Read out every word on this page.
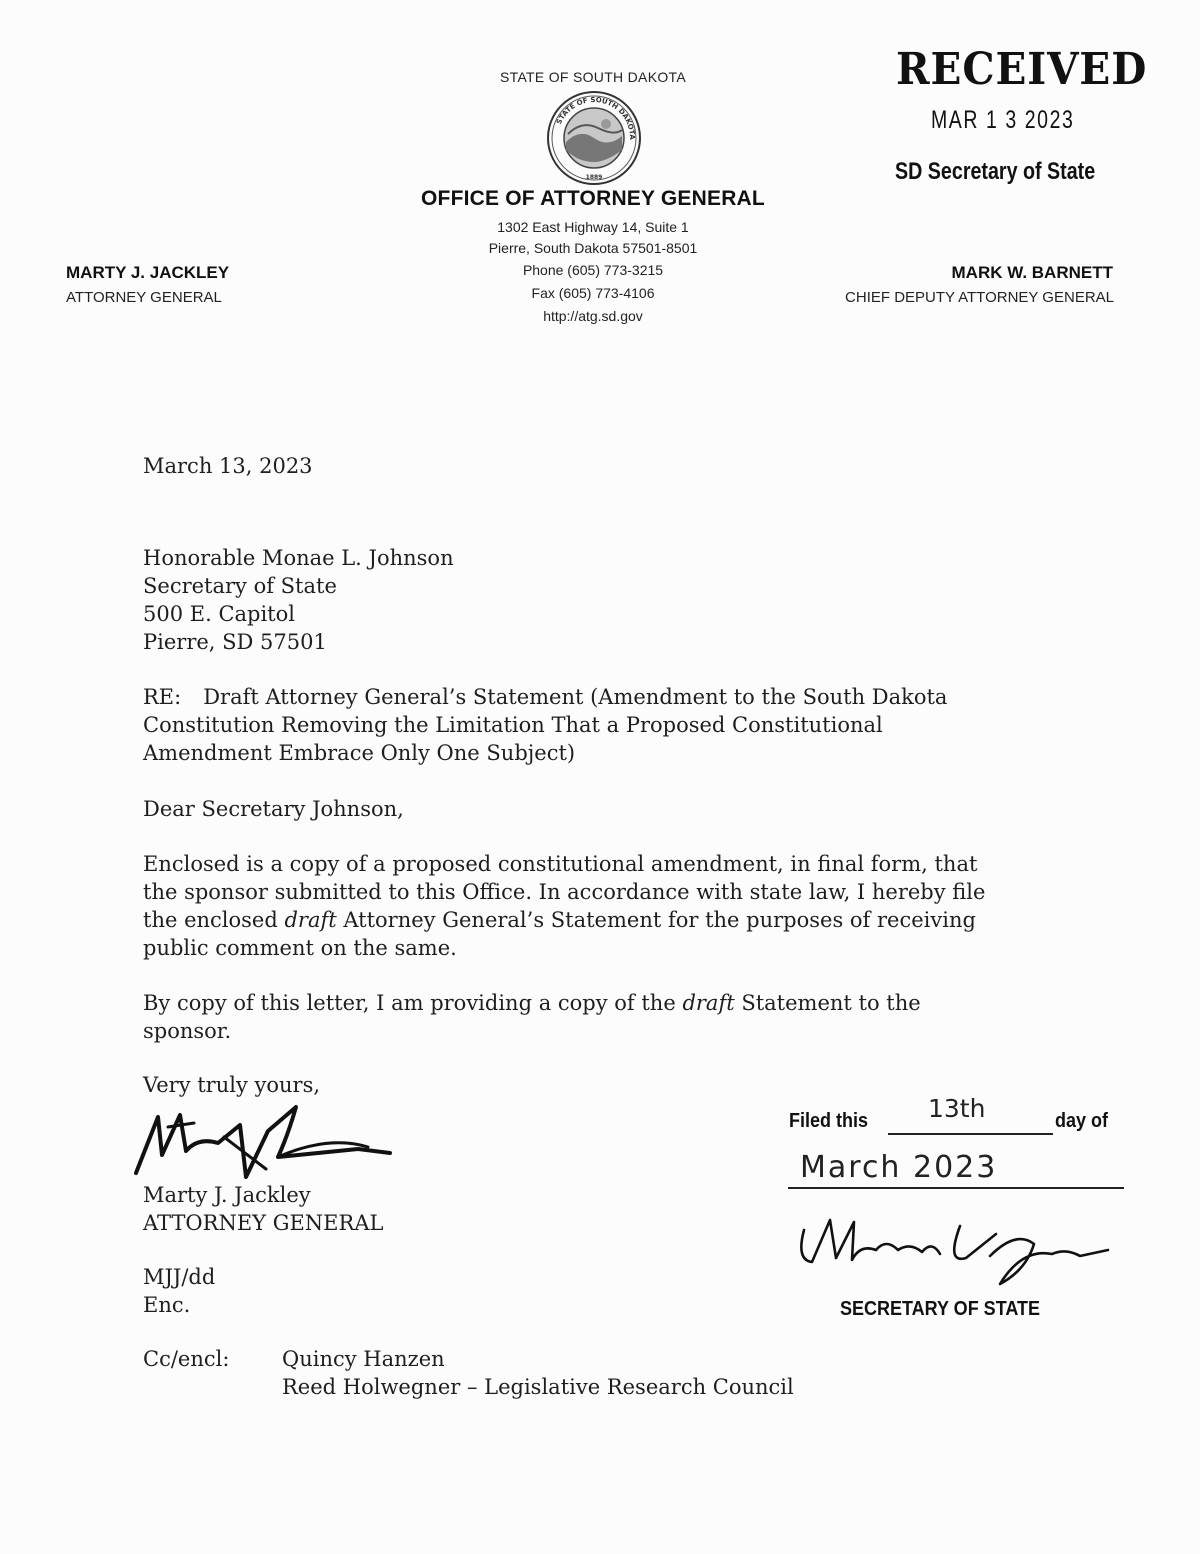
STATE OF SOUTH DAKOTA
STATE OF SOUTH DAKOTA
1889
OFFICE OF ATTORNEY GENERAL
1302 East Highway 14, Suite 1
Pierre, South Dakota 57501-8501
Phone (605) 773-3215
Fax (605) 773-4106
http://atg.sd.gov
MARTY J. JACKLEY
ATTORNEY GENERAL
MARK W. BARNETT
CHIEF DEPUTY ATTORNEY GENERAL
RECEIVED
MAR 1 3 2023
SD Secretary of State
March 13, 2023
Honorable Monae L. Johnson
Secretary of State
500 E. Capitol
Pierre, SD 57501
RE: Draft Attorney General’s Statement (Amendment to the South Dakota
Constitution Removing the Limitation That a Proposed Constitutional
Amendment Embrace Only One Subject)
Dear Secretary Johnson,
Enclosed is a copy of a proposed constitutional amendment, in final form, that
the sponsor submitted to this Office. In accordance with state law, I hereby file
the enclosed draft Attorney General’s Statement for the purposes of receiving
public comment on the same.
By copy of this letter, I am providing a copy of the draft Statement to the
sponsor.
Very truly yours,
Marty J. Jackley
ATTORNEY GENERAL
MJJ/dd
Enc.
Cc/encl:	Quincy Hanzen
Reed Holwegner – Legislative Research Council
Filed this 13th	day of
March 2023
SECRETARY OF STATE
